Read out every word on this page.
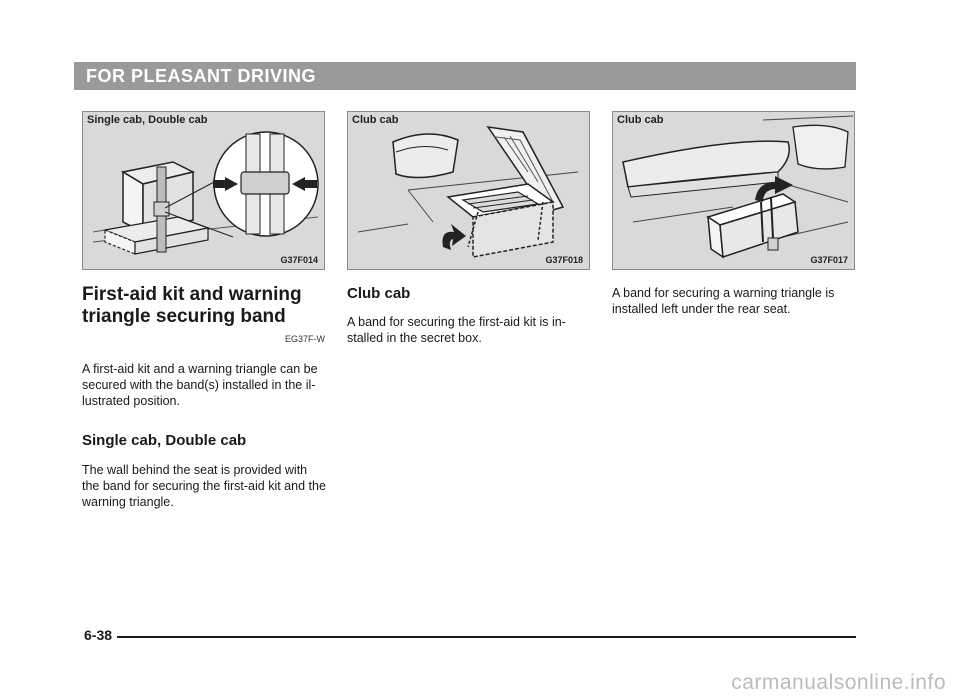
FOR PLEASANT DRIVING
Single cab, Double cab
G37F014
Club cab
G37F018
Club cab
G37F017
First-aid kit and warning triangle securing band
EG37F-W
A first-aid kit and a warning triangle can be secured with the band(s) installed in the il-lustrated position.
Single cab, Double cab
The wall behind the seat is provided with the band for securing the first-aid kit and the warning triangle.
Club cab
A band for securing the first-aid kit is in-stalled in the secret box.
A band for securing a warning triangle is installed left under the rear seat.
6-38
carmanualsonline.info
